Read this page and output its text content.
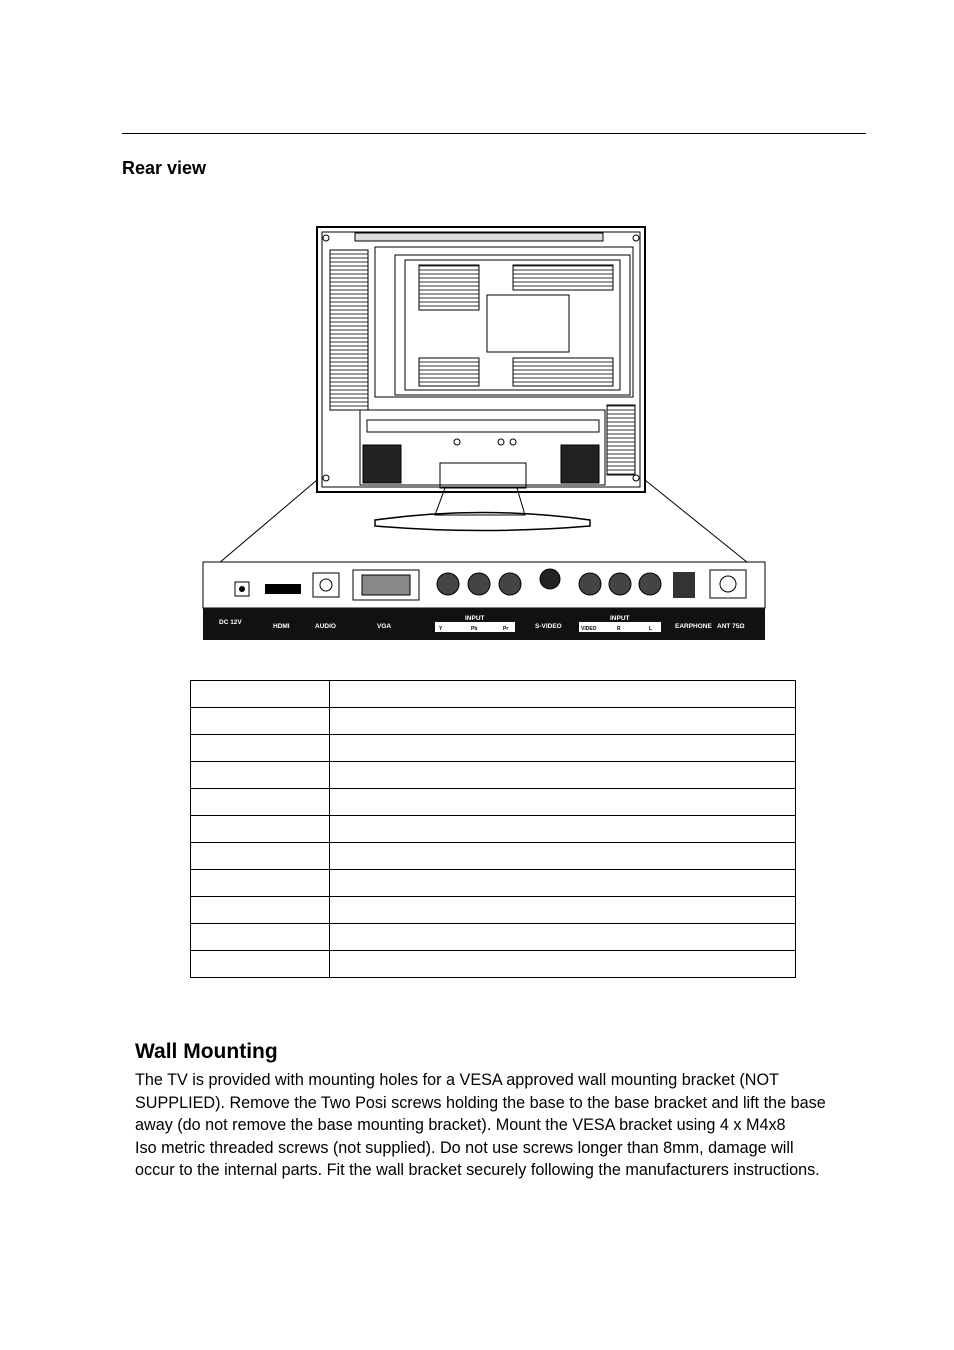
Rear view
DC 12V
HDMI	AUDIO	VGA
INPUT
Y	Pb	Pr	S-VIDEO
INPUT
VIDEO	R	L	EARPHONE ANT 75Ω

Wall Mounting

The TV is provided with mounting holes for a VESA approved wall mounting bracket (NOT
SUPPLIED). Remove the Two Posi screws holding the base to the base bracket and lift the base
away (do not remove the base mounting bracket). Mount the VESA bracket using 4 x M4x8
Iso metric threaded screws (not supplied). Do not use screws longer than 8mm, damage will
occur to the internal parts. Fit the wall bracket securely following the manufacturers instructions.
